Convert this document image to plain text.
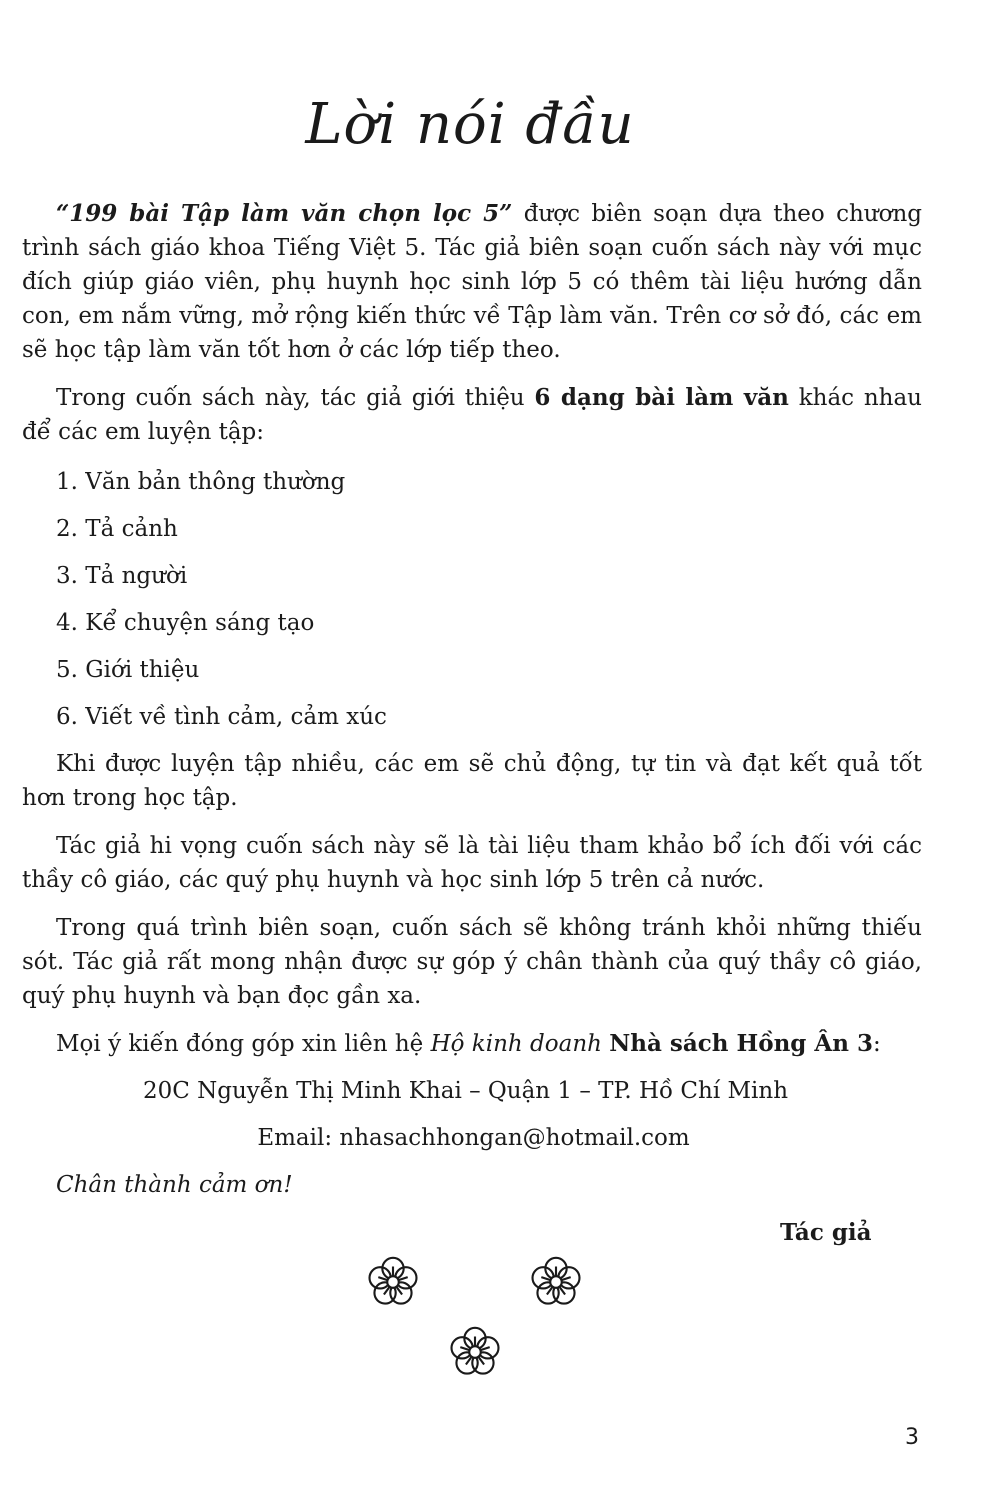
Lời nói đầu

“199 bài Tập làm văn chọn lọc 5” được biên soạn dựa theo chương trình sách giáo khoa Tiếng Việt 5. Tác giả biên soạn cuốn sách này với mục đích giúp giáo viên, phụ huynh học sinh lớp 5 có thêm tài liệu hướng dẫn con, em nắm vững, mở rộng kiến thức về Tập làm văn. Trên cơ sở đó, các em sẽ học tập làm văn tốt hơn ở các lớp tiếp theo.

Trong cuốn sách này, tác giả giới thiệu 6 dạng bài làm văn khác nhau để các em luyện tập:

1. Văn bản thông thường
2. Tả cảnh
3. Tả người
4. Kể chuyện sáng tạo
5. Giới thiệu
6. Viết về tình cảm, cảm xúc

Khi được luyện tập nhiều, các em sẽ chủ động, tự tin và đạt kết quả tốt hơn trong học tập.

Tác giả hi vọng cuốn sách này sẽ là tài liệu tham khảo bổ ích đối với các thầy cô giáo, các quý phụ huynh và học sinh lớp 5 trên cả nước.

Trong quá trình biên soạn, cuốn sách sẽ không tránh khỏi những thiếu sót. Tác giả rất mong nhận được sự góp ý chân thành của quý thầy cô giáo, quý phụ huynh và bạn đọc gần xa.

Mọi ý kiến đóng góp xin liên hệ Hộ kinh doanh Nhà sách Hồng Ân 3:

20C Nguyễn Thị Minh Khai – Quận 1 – TP. Hồ Chí Minh
Email: nhasachhongan@hotmail.com
Chân thành cảm ơn!
Tác giả
3
